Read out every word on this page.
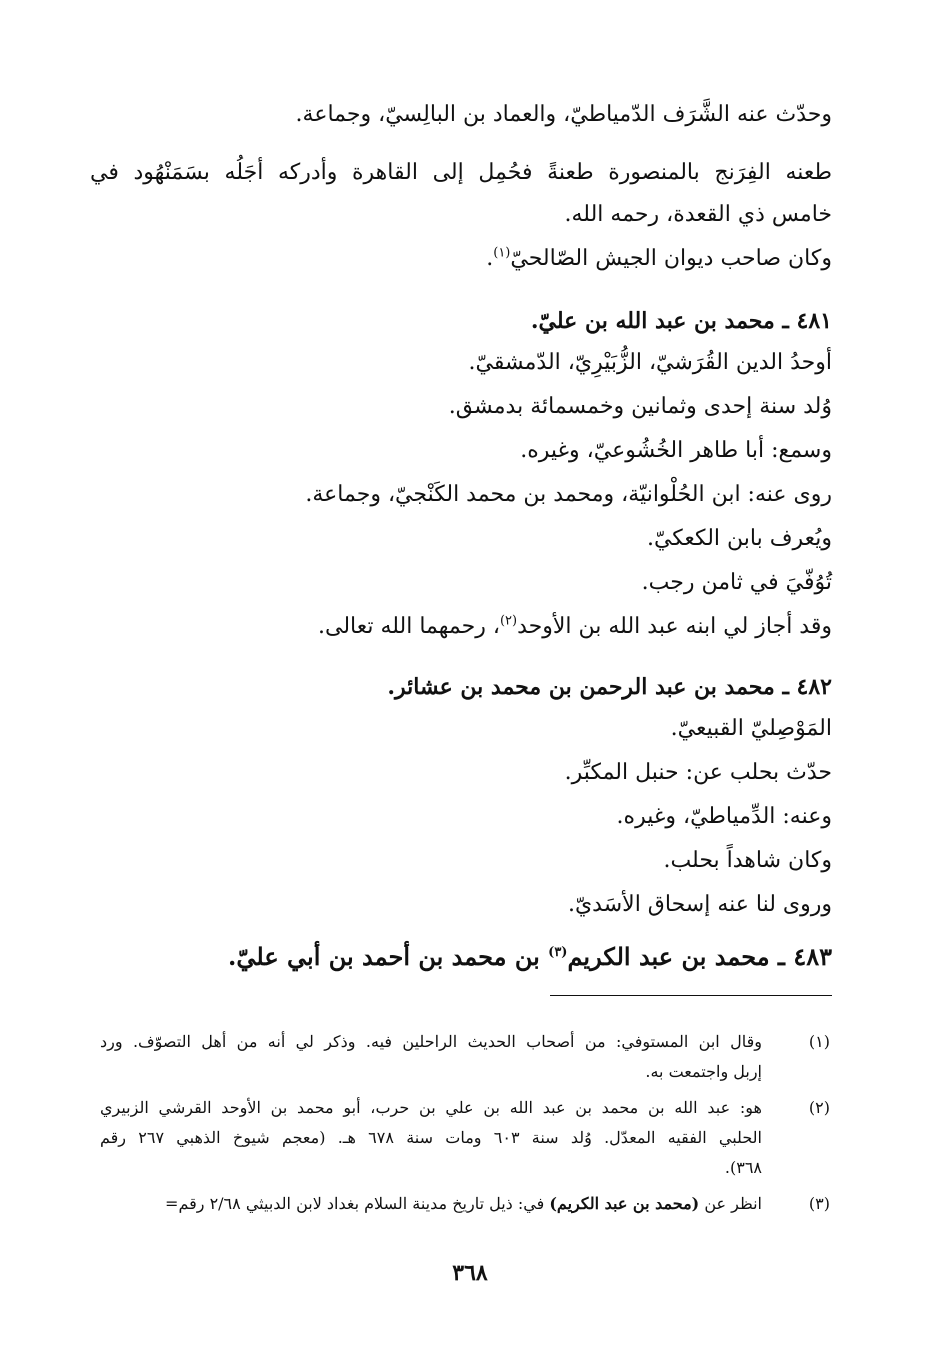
وحدّث عنه الشَّرَف الدّمياطيّ، والعماد بن البالِسيّ، وجماعة.
طعنه الفِرَنج بالمنصورة طعنةً فحُمِل إلى القاهرة وأدركه أجَلُه بسَمَنْهُود في
خامس ذي القعدة، رحمه الله.
وكان صاحب ديوان الجيش الصّالحيّ$^{(١)}$.
٤٨١ ـ محمد بن عبد الله بن عليّ.
أوحدُ الدين القُرَشيّ، الزُّبَيْرِيّ، الدّمشقيّ.
وُلد سنة إحدى وثمانين وخمسمائة بدمشق.
وسمع: أبا طاهر الخُشُوعيّ، وغيره.
روى عنه: ابن الحُلْوانيّة، ومحمد بن محمد الكَنْجيّ، وجماعة.
ويُعرف بابن الكعكيّ.
تُوُفّيَ في ثامن رجب.
وقد أجاز لي ابنه عبد الله بن الأوحد$^{(٢)}$، رحمهما الله تعالى.
٤٨٢ ـ محمد بن عبد الرحمن بن محمد بن عشائر.
المَوْصِليّ القبيعيّ.
حدّث بحلب عن: حنبل المكبِّر.
وعنه: الدِّمياطيّ، وغيره.
وكان شاهداً بحلب.
وروى لنا عنه إسحاق الأسَديّ.
٤٨٣ ـ محمد بن عبد الكريم$^{(٣)}$ بن محمد بن أحمد بن أبي عليّ.
(١)
وقال ابن المستوفي: من أصحاب الحديث الراحلين فيه. وذكر لي أنه من أهل التصوّف. ورد
إربل واجتمعت به.
(٢)
هو: عبد الله بن محمد بن عبد الله بن علي بن حرب، أبو محمد بن الأوحد القرشي الزبيري
الحلبي الفقيه المعدّل. وُلد سنة ٦٠٣ ومات سنة ٦٧٨ هـ. (معجم شيوخ الذهبي ٢٦٧ رقم
٣٦٨).
(٣)
انظر عن (محمد بن عبد الكريم) في: ذيل تاريخ مدينة السلام بغداد لابن الدبيثي ٢/٦٨ رقم=
٣٦٨
